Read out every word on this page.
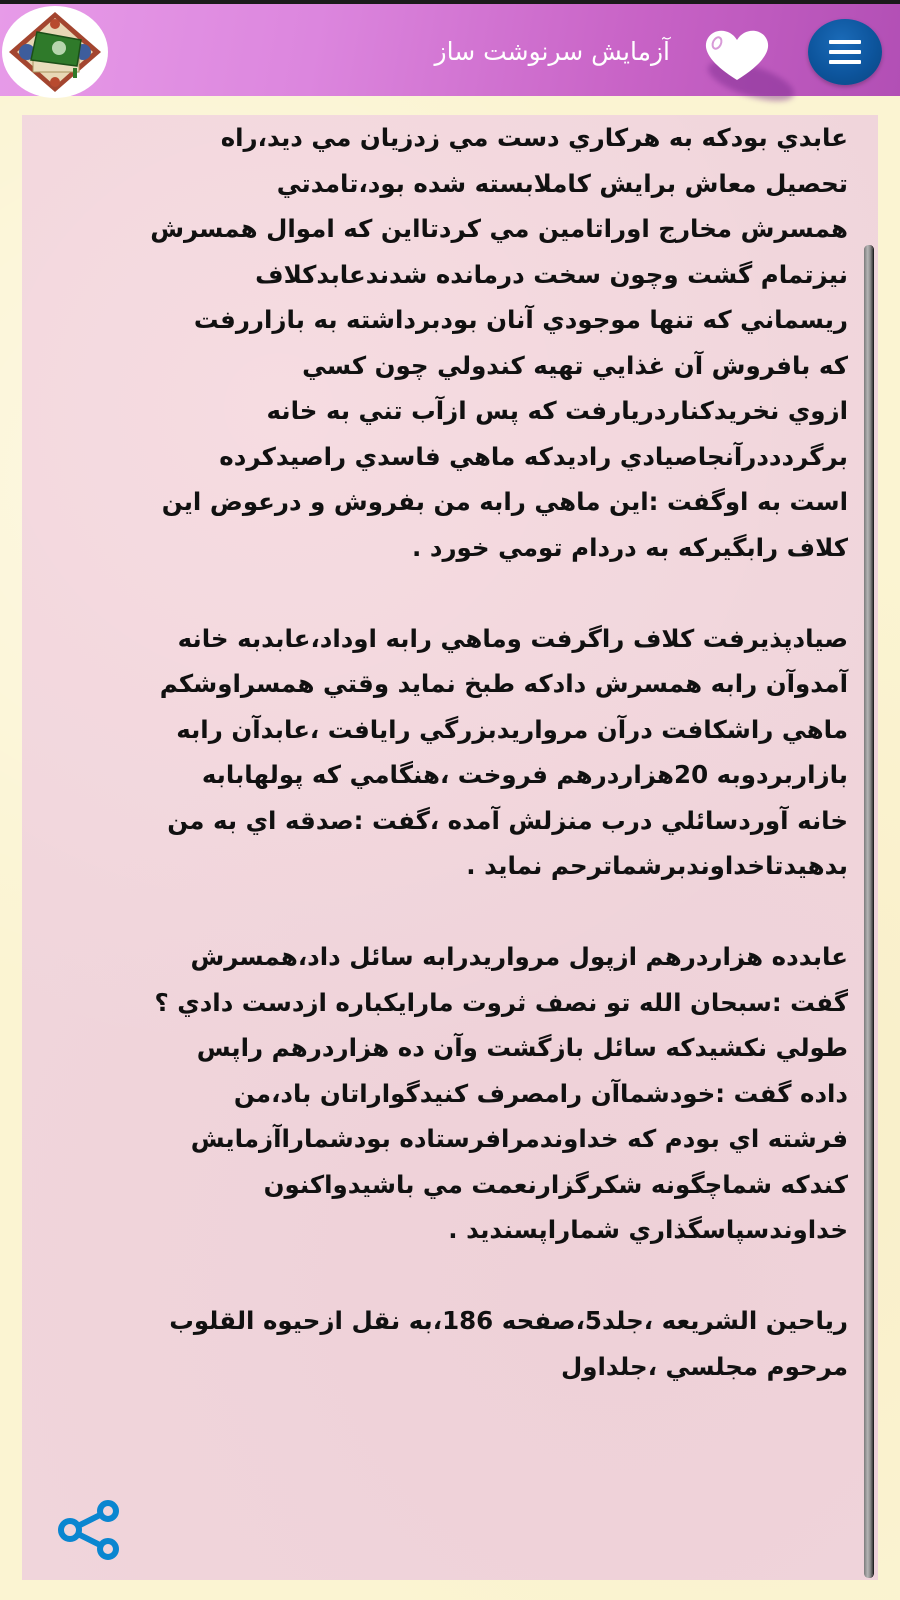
آزمایش سرنوشت ساز

عابدي بودكه به هركاري دست مي زدزيان مي ديد،راه
تحصيل معاش برايش كاملابسته شده بود،تامدتي
همسرش مخارج اوراتامين مي كردتااين كه اموال همسرش
نيزتمام گشت وچون سخت درمانده شدندعابدكلاف
ريسماني كه تنها موجودي آنان بودبرداشته به بازاررفت
كه بافروش آن غذايي تهيه كندولي چون كسي
ازوي نخريدكناردريارفت كه پس ازآب تني به خانه
برگردددرآنجاصيادي راديدكه ماهي فاسدي راصيدكرده
است به اوگفت :اين ماهي رابه من بفروش و درعوض اين
كلاف رابگيركه به دردام تومي خورد .

صيادپذيرفت كلاف راگرفت وماهي رابه اوداد،عابدبه خانه
آمدوآن رابه همسرش دادكه طبخ نمايد وقتي همسراوشكم
ماهي راشكافت درآن مرواريدبزرگي رايافت ،عابدآن رابه
بازاربردوبه 20هزاردرهم فروخت ،هنگامي كه پولهابابه
خانه آوردسائلي درب منزلش آمده ،گفت :صدقه اي به من
بدهيدتاخداوندبرشماترحم نمايد .

عابدده هزاردرهم ازپول مرواريدرابه سائل داد،همسرش
گفت :سبحان الله تو نصف ثروت مارايكباره ازدست دادي ؟
طولي نكشيدكه سائل بازگشت وآن ده هزاردرهم راپس
داده گفت :خودشماآن رامصرف كنيدگواراتان باد،من
فرشته اي بودم كه خداوندمرافرستاده بودشماراآزمايش
كندكه شماچگونه شكرگزارنعمت مي باشيدواكنون
خداوندسپاسگذاري شماراپسنديد .

رياحين الشريعه ،جلد5،صفحه 186،به نقل ازحيوه القلوب
مرحوم مجلسي ،جلداول
